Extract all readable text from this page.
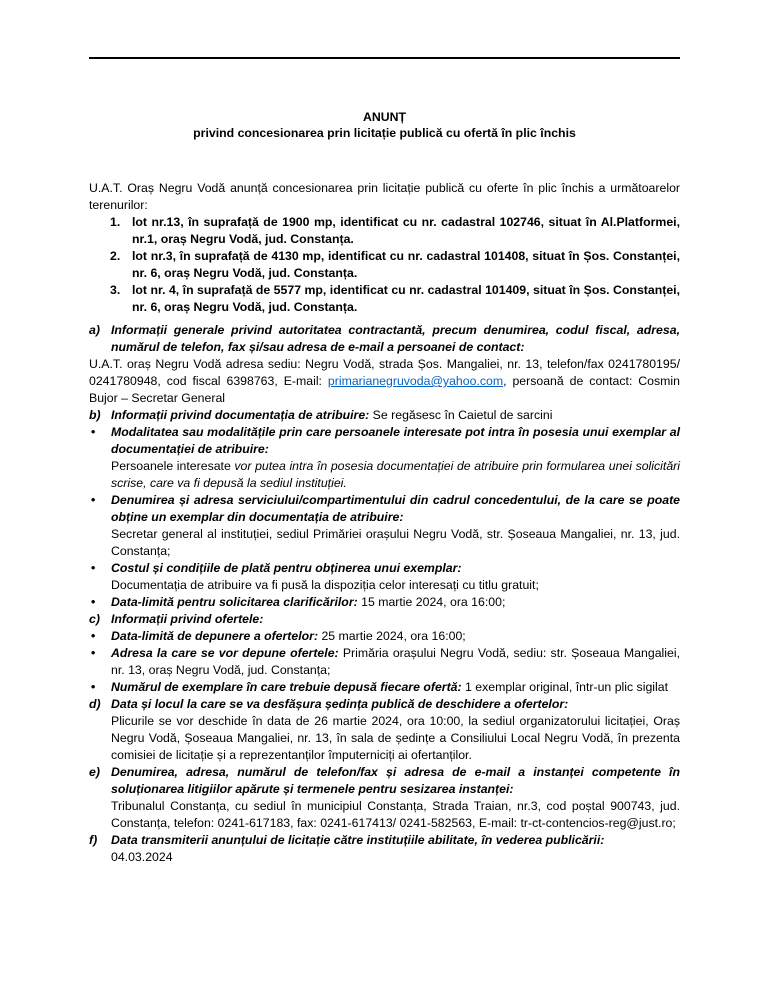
ANUNȚ
privind concesionarea prin licitație publică cu ofertă în plic închis
U.A.T. Oraș Negru Vodă anunță concesionarea prin licitație publică cu oferte în plic închis a următoarelor terenurilor:
1. lot nr.13, în suprafață de 1900 mp, identificat cu nr. cadastral 102746, situat în Al.Platformei, nr.1, oraș Negru Vodă, jud. Constanța.
2. lot nr.3, în suprafață de 4130 mp, identificat cu nr. cadastral 101408, situat în Șos. Constanței, nr. 6, oraș Negru Vodă, jud. Constanța.
3. lot nr. 4, în suprafață de 5577 mp, identificat cu nr. cadastral 101409, situat în Șos. Constanței, nr. 6, oraș Negru Vodă, jud. Constanța.
a) Informații generale privind autoritatea contractantă, precum denumirea, codul fiscal, adresa, numărul de telefon, fax și/sau adresa de e-mail a persoanei de contact:
U.A.T. oraș Negru Vodă adresa sediu: Negru Vodă, strada Șos. Mangaliei, nr. 13, telefon/fax 0241780195/ 0241780948, cod fiscal 6398763, E-mail: primarianegruvoda@yahoo.com, persoană de contact: Cosmin Bujor – Secretar General
b) Informații privind documentația de atribuire: Se regăsesc în Caietul de sarcini
• Modalitatea sau modalitățile prin care persoanele interesate pot intra în posesia unui exemplar al documentației de atribuire:
Persoanele interesate vor putea intra în posesia documentației de atribuire prin formularea unei solicitări scrise, care va fi depusă la sediul instituției.
• Denumirea și adresa serviciului/compartimentului din cadrul concedentului, de la care se poate obține un exemplar din documentația de atribuire:
Secretar general al instituției, sediul Primăriei orașului Negru Vodă, str. Șoseaua Mangaliei, nr. 13, jud. Constanța;
• Costul și condițiile de plată pentru obținerea unui exemplar:
Documentația de atribuire va fi pusă la dispoziția celor interesați cu titlu gratuit;
• Data-limită pentru solicitarea clarificărilor: 15 martie 2024, ora 16:00;
c) Informații privind ofertele:
• Data-limită de depunere a ofertelor: 25 martie 2024, ora 16:00;
• Adresa la care se vor depune ofertele: Primăria orașului Negru Vodă, sediu: str. Șoseaua Mangaliei, nr. 13, oraș Negru Vodă, jud. Constanța;
• Numărul de exemplare în care trebuie depusă fiecare ofertă: 1 exemplar original, într-un plic sigilat
d) Data și locul la care se va desfășura ședința publică de deschidere a ofertelor:
Plicurile se vor deschide în data de 26 martie 2024, ora 10:00, la sediul organizatorului licitației, Oraș Negru Vodă, Șoseaua Mangaliei, nr. 13, în sala de ședințe a Consiliului Local Negru Vodă, în prezenta comisiei de licitație și a reprezentanților împuterniciți ai ofertanților.
e) Denumirea, adresa, numărul de telefon/fax și adresa de e-mail a instanței competente în soluționarea litigiilor apărute și termenele pentru sesizarea instanței:
Tribunalul Constanța, cu sediul în municipiul Constanța, Strada Traian, nr.3, cod poștal 900743, jud. Constanța, telefon: 0241-617183, fax: 0241-617413/ 0241-582563, E-mail: tr-ct-contencios-reg@just.ro;
f) Data transmiterii anunțului de licitație către instituțiile abilitate, în vederea publicării:
04.03.2024
